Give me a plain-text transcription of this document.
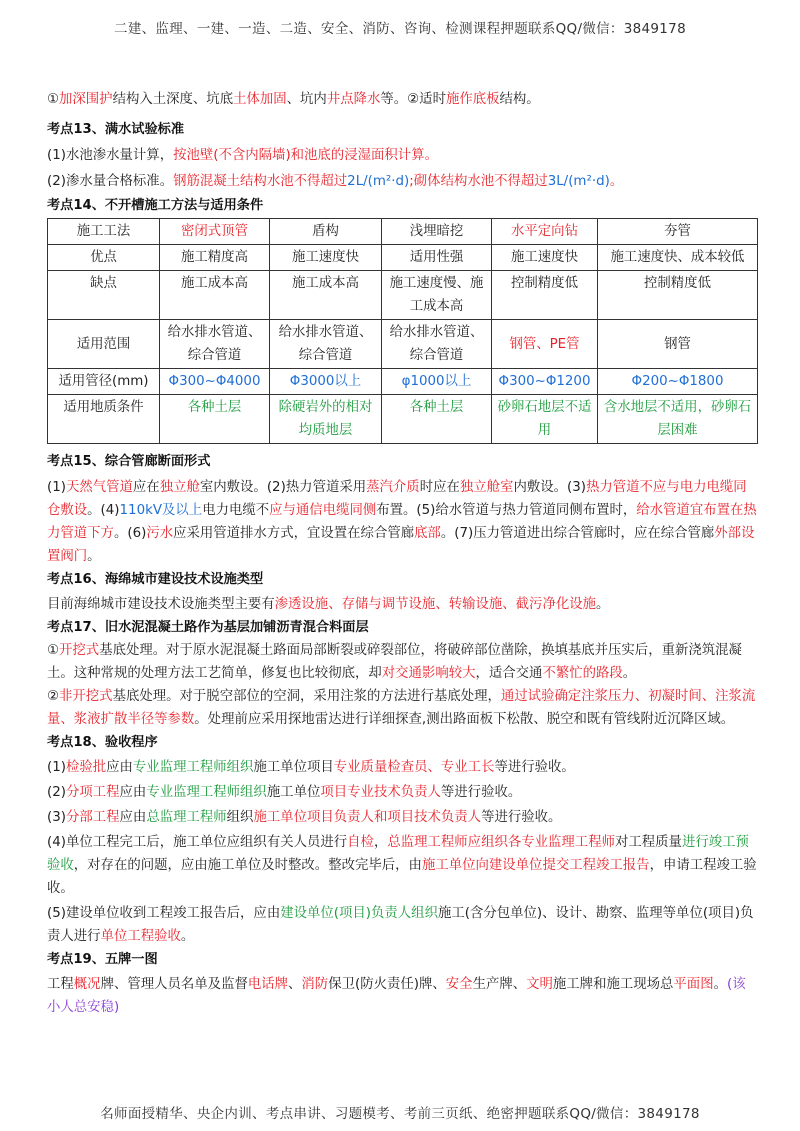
二建、监理、一建、一造、二造、安全、消防、咨询、检测课程押题联系QQ/微信：3849178

①加深围护结构入土深度、坑底土体加固、坑内井点降水等。②适时施作底板结构。

考点13、满水试验标准

(1)水池渗水量计算，按池壁(不含内隔墙)和池底的浸湿面积计算。

(2)渗水量合格标准。钢筋混凝土结构水池不得超过2L/(m²·d);砌体结构水池不得超过3L/(m²·d)。

考点14、不开槽施工方法与适用条件

施工工法	密闭式顶管	盾构	浅埋暗挖	水平定向钻	夯管
优点	施工精度高	施工速度快	适用性强	施工速度快	施工速度快、成本较低
缺点	施工成本高	施工成本高	施工速度慢、施工成本高	控制精度低	控制精度低
适用范围	给水排水管道、综合管道	给水排水管道、综合管道	给水排水管道、综合管道	钢管、PE管	钢管
适用管径(mm)	Φ300~Φ4000	Φ3000以上	φ1000以上	Φ300~Φ1200	Φ200~Φ1800
适用地质条件	各种土层	除硬岩外的相对均质地层	各种土层	砂卵石地层不适用	含水地层不适用，砂卵石层困难

考点15、综合管廊断面形式

(1)天然气管道应在独立舱室内敷设。(2)热力管道采用蒸汽介质时应在独立舱室内敷设。(3)热力管道不应与电力电缆同仓敷设。(4)110kV及以上电力电缆不应与通信电缆同侧布置。(5)给水管道与热力管道同侧布置时，给水管道宜布置在热力管道下方。(6)污水应采用管道排水方式，宜设置在综合管廊底部。(7)压力管道进出综合管廊时，应在综合管廊外部设置阀门。

考点16、海绵城市建设技术设施类型

目前海绵城市建设技术设施类型主要有渗透设施、存储与调节设施、转输设施、截污净化设施。

考点17、旧水泥混凝土路作为基层加铺沥青混合料面层

①开挖式基底处理。对于原水泥混凝土路面局部断裂或碎裂部位，将破碎部位凿除，换填基底并压实后，重新浇筑混凝土。这种常规的处理方法工艺简单，修复也比较彻底，却对交通影响较大，适合交通不繁忙的路段。

②非开挖式基底处理。对于脱空部位的空洞，采用注浆的方法进行基底处理，通过试验确定注浆压力、初凝时间、注浆流量、浆液扩散半径等参数。处理前应采用探地雷达进行详细探查,测出路面板下松散、脱空和既有管线附近沉降区域。

考点18、验收程序

(1)检验批应由专业监理工程师组织施工单位项目专业质量检查员、专业工长等进行验收。

(2)分项工程应由专业监理工程师组织施工单位项目专业技术负责人等进行验收。

(3)分部工程应由总监理工程师组织施工单位项目负责人和项目技术负责人等进行验收。

(4)单位工程完工后，施工单位应组织有关人员进行自检，总监理工程师应组织各专业监理工程师对工程质量进行竣工预验收，对存在的问题，应由施工单位及时整改。整改完毕后，由施工单位向建设单位提交工程竣工报告，申请工程竣工验收。

(5)建设单位收到工程竣工报告后，应由建设单位(项目)负责人组织施工(含分包单位)、设计、勘察、监理等单位(项目)负责人进行单位工程验收。

考点19、五牌一图

工程概况牌、管理人员名单及监督电话牌、消防保卫(防火责任)牌、安全生产牌、文明施工牌和施工现场总平面图。(该小人总安稳)

名师面授精华、央企内训、考点串讲、习题模考、考前三页纸、绝密押题联系QQ/微信：3849178
